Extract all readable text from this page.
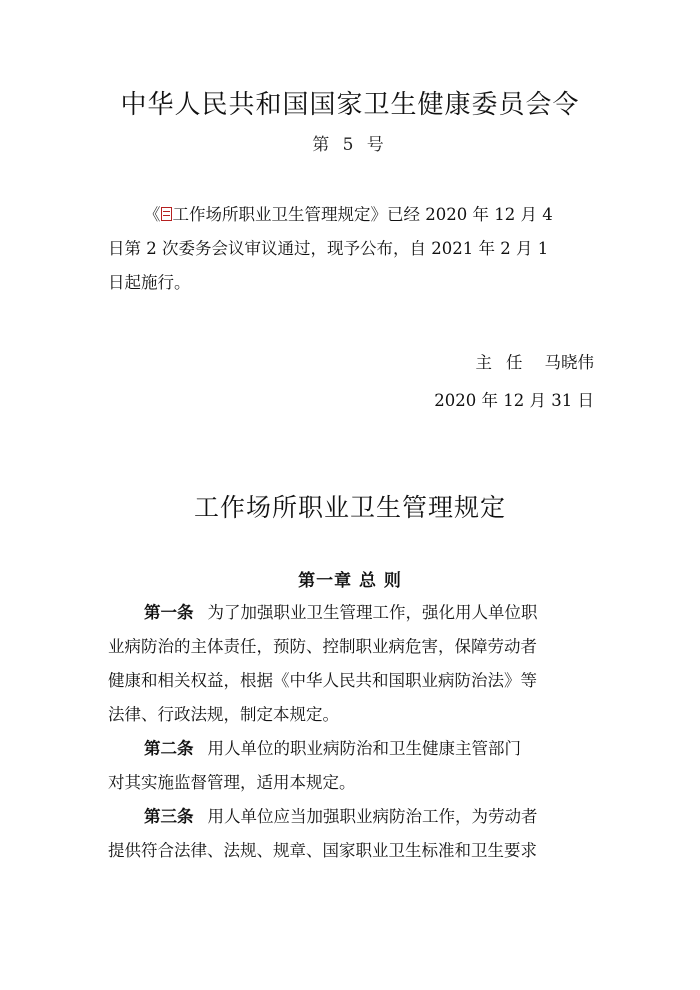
中华人民共和国国家卫生健康委员会令
第 5 号
《 工作场所职业卫生管理规定》已经 2020 年 12 月 4
日第 2 次委务会议审议通过，现予公布，自 2021 年 2 月 1
日起施行。
主任 马晓伟
2020 年 12 月 31 日
工作场所职业卫生管理规定
第一章 总 则
第一条 为了加强职业卫生管理工作，强化用人单位职
业病防治的主体责任，预防、控制职业病危害，保障劳动者
健康和相关权益，根据《中华人民共和国职业病防治法》等
法律、行政法规，制定本规定。
第二条 用人单位的职业病防治和卫生健康主管部门
对其实施监督管理，适用本规定。
第三条 用人单位应当加强职业病防治工作，为劳动者
提供符合法律、法规、规章、国家职业卫生标准和卫生要求
